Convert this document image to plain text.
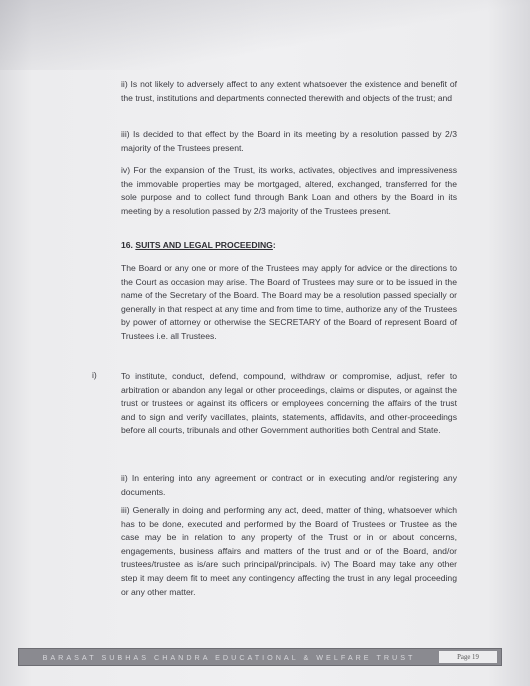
ii) Is not likely to adversely affect to any extent whatsoever the existence and benefit of the trust, institutions and departments connected therewith and objects of the trust; and

iii) Is decided to that effect by the Board in its meeting by a resolution passed by 2/3 majority of the Trustees present.

iv) For the expansion of the Trust, its works, activates, objectives and impressiveness the immovable properties may be mortgaged, altered, exchanged, transferred for the sole purpose and to collect fund through Bank Loan and others by the Board in its meeting by a resolution passed by 2/3 majority of the Trustees present.

16. SUITS AND LEGAL PROCEEDING:

The Board or any one or more of the Trustees may apply for advice or the directions to the Court as occasion may arise. The Board of Trustees may sure or to be issued in the name of the Secretary of the Board. The Board may be a resolution passed specially or generally in that respect at any time and from time to time, authorize any of the Trustees by power of attorney or otherwise the SECRETARY of the Board of represent Board of Trustees i.e. all Trustees.

i)	To institute, conduct, defend, compound, withdraw or compromise, adjust, refer to arbitration or abandon any legal or other proceedings, claims or disputes, or against the trust or trustees or against its officers or employees concerning the affairs of the trust and to sign and verify vacillates, plaints, statements, affidavits, and other-proceedings before all courts, tribunals and other Government authorities both Central and State.

ii) In entering into any agreement or contract or in executing and/or registering any documents.

iii) Generally in doing and performing any act, deed, matter of thing, whatsoever which has to be done, executed and performed by the Board of Trustees or Trustee as the case may be in relation to any property of the Trust or in or about concerns, engagements, business affairs and matters of the trust and or of the Board, and/or trustees/trustee as is/are such principal/principals. iv) The Board may take any other step it may deem fit to meet any contingency affecting the trust in any legal proceeding or any other matter.

BARASAT SUBHAS CHANDRA EDUCATIONAL & WELFARE TRUST	Page 19
